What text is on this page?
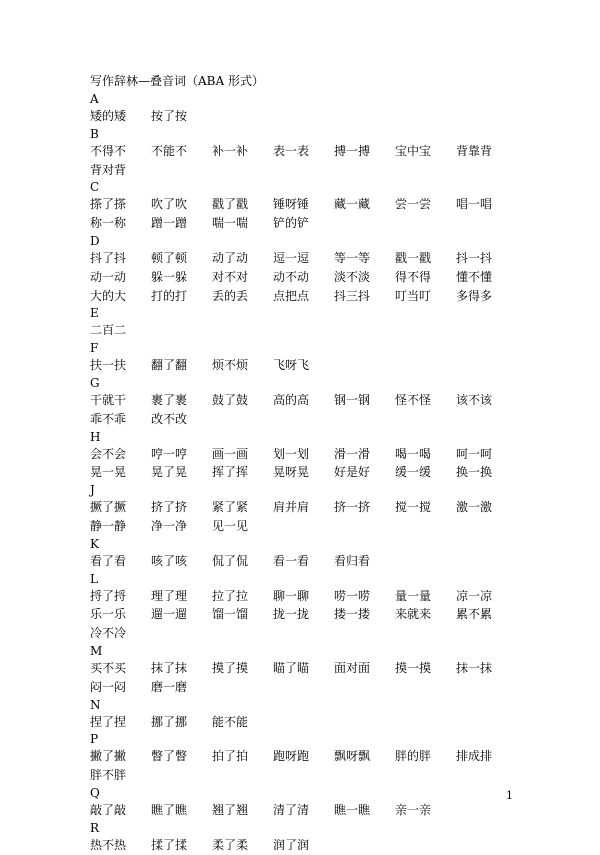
写作辞林—叠音词（ABA 形式）
A
矮的矮 按了按
B
不得不 不能不 补一补 表一表 搏一搏 宝中宝 背靠背
背对背
C
搽了搽 吹了吹 戳了戳 锤呀锤 藏一藏 尝一尝 唱一唱
称一称 蹭一蹭 喘一喘 铲的铲
D
抖了抖 顿了顿 动了动 逗一逗 等一等 戳一戳 抖一抖
动一动 躲一躲 对不对 动不动 淡不淡 得不得 懂不懂
大的大 打的打 丢的丢 点把点 抖三抖 叮当叮 多得多
E
二百二
F
扶一扶 翻了翻 烦不烦 飞呀飞
G
干就干 裹了裹 鼓了鼓 高的高 钢一钢 怪不怪 该不该
乖不乖 改不改
H
会不会 哼一哼 画一画 划一划 滑一滑 喝一喝 呵一呵
晃一晃 晃了晃 挥了挥 晃呀晃 好是好 缓一缓 换一换
J
撅了撅 挤了挤 紧了紧 肩并肩 挤一挤 搅一搅 激一激
静一静 净一净 见一见
K
看了看 咳了咳 侃了侃 看一看 看归看
L
捋了捋 理了理 拉了拉 聊一聊 唠一唠 量一量 凉一凉
乐一乐 遛一遛 馏一馏 拢一拢 搂一搂 来就来 累不累
冷不冷
M
买不买 抹了抹 摸了摸 瞄了瞄 面对面 摸一摸 抹一抹
闷一闷 磨一磨
N
捏了捏 挪了挪 能不能
P
撇了撇 瞥了瞥 拍了拍 跑呀跑 飘呀飘 胖的胖 排成排
胖不胖
Q
敲了敲 瞧了瞧 翘了翘 清了清 瞧一瞧 亲一亲
R
热不热 揉了揉 柔了柔 润了润
1
